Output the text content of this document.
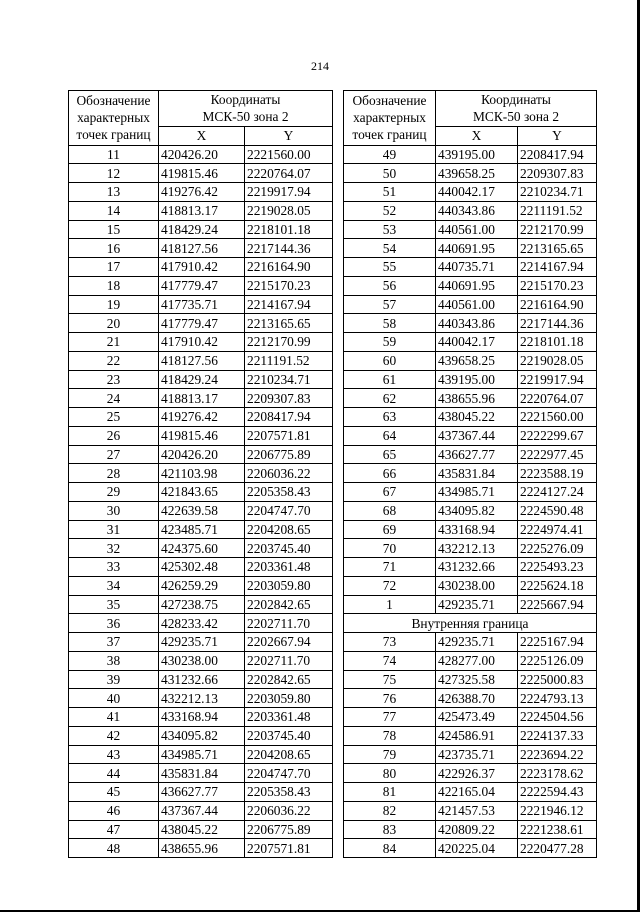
214
Обозначение
характерных
точек границ	Координаты
МСК-50 зона 2	

	X	Y
11	420426.20	2221560.00
12	419815.46	2220764.07
13	419276.42	2219917.94
14	418813.17	2219028.05
15	418429.24	2218101.18
16	418127.56	2217144.36
17	417910.42	2216164.90
18	417779.47	2215170.23
19	417735.71	2214167.94
20	417779.47	2213165.65
21	417910.42	2212170.99
22	418127.56	2211191.52
23	418429.24	2210234.71
24	418813.17	2209307.83
25	419276.42	2208417.94
26	419815.46	2207571.81
27	420426.20	2206775.89
28	421103.98	2206036.22
29	421843.65	2205358.43
30	422639.58	2204747.70
31	423485.71	2204208.65
32	424375.60	2203745.40
33	425302.48	2203361.48
34	426259.29	2203059.80
35	427238.75	2202842.65
36	428233.42	2202711.70
37	429235.71	2202667.94
38	430238.00	2202711.70
39	431232.66	2202842.65
40	432212.13	2203059.80
41	433168.94	2203361.48
42	434095.82	2203745.40
43	434985.71	2204208.65
44	435831.84	2204747.70
45	436627.77	2205358.43
46	437367.44	2206036.22
47	438045.22	2206775.89
48	438655.96	2207571.81
Обозначение
характерных
точек границ	Координаты
МСК-50 зона 2	

	X	Y
49	439195.00	2208417.94
50	439658.25	2209307.83
51	440042.17	2210234.71
52	440343.86	2211191.52
53	440561.00	2212170.99
54	440691.95	2213165.65
55	440735.71	2214167.94
56	440691.95	2215170.23
57	440561.00	2216164.90
58	440343.86	2217144.36
59	440042.17	2218101.18
60	439658.25	2219028.05
61	439195.00	2219917.94
62	438655.96	2220764.07
63	438045.22	2221560.00
64	437367.44	2222299.67
65	436627.77	2222977.45
66	435831.84	2223588.19
67	434985.71	2224127.24
68	434095.82	2224590.48
69	433168.94	2224974.41
70	432212.13	2225276.09
71	431232.66	2225493.23
72	430238.00	2225624.18
1	429235.71	2225667.94
Внутренняя граница		
73	429235.71	2225167.94
74	428277.00	2225126.09
75	427325.58	2225000.83
76	426388.70	2224793.13
77	425473.49	2224504.56
78	424586.91	2224137.33
79	423735.71	2223694.22
80	422926.37	2223178.62
81	422165.04	2222594.43
82	421457.53	2221946.12
83	420809.22	2221238.61
84	420225.04	2220477.28
